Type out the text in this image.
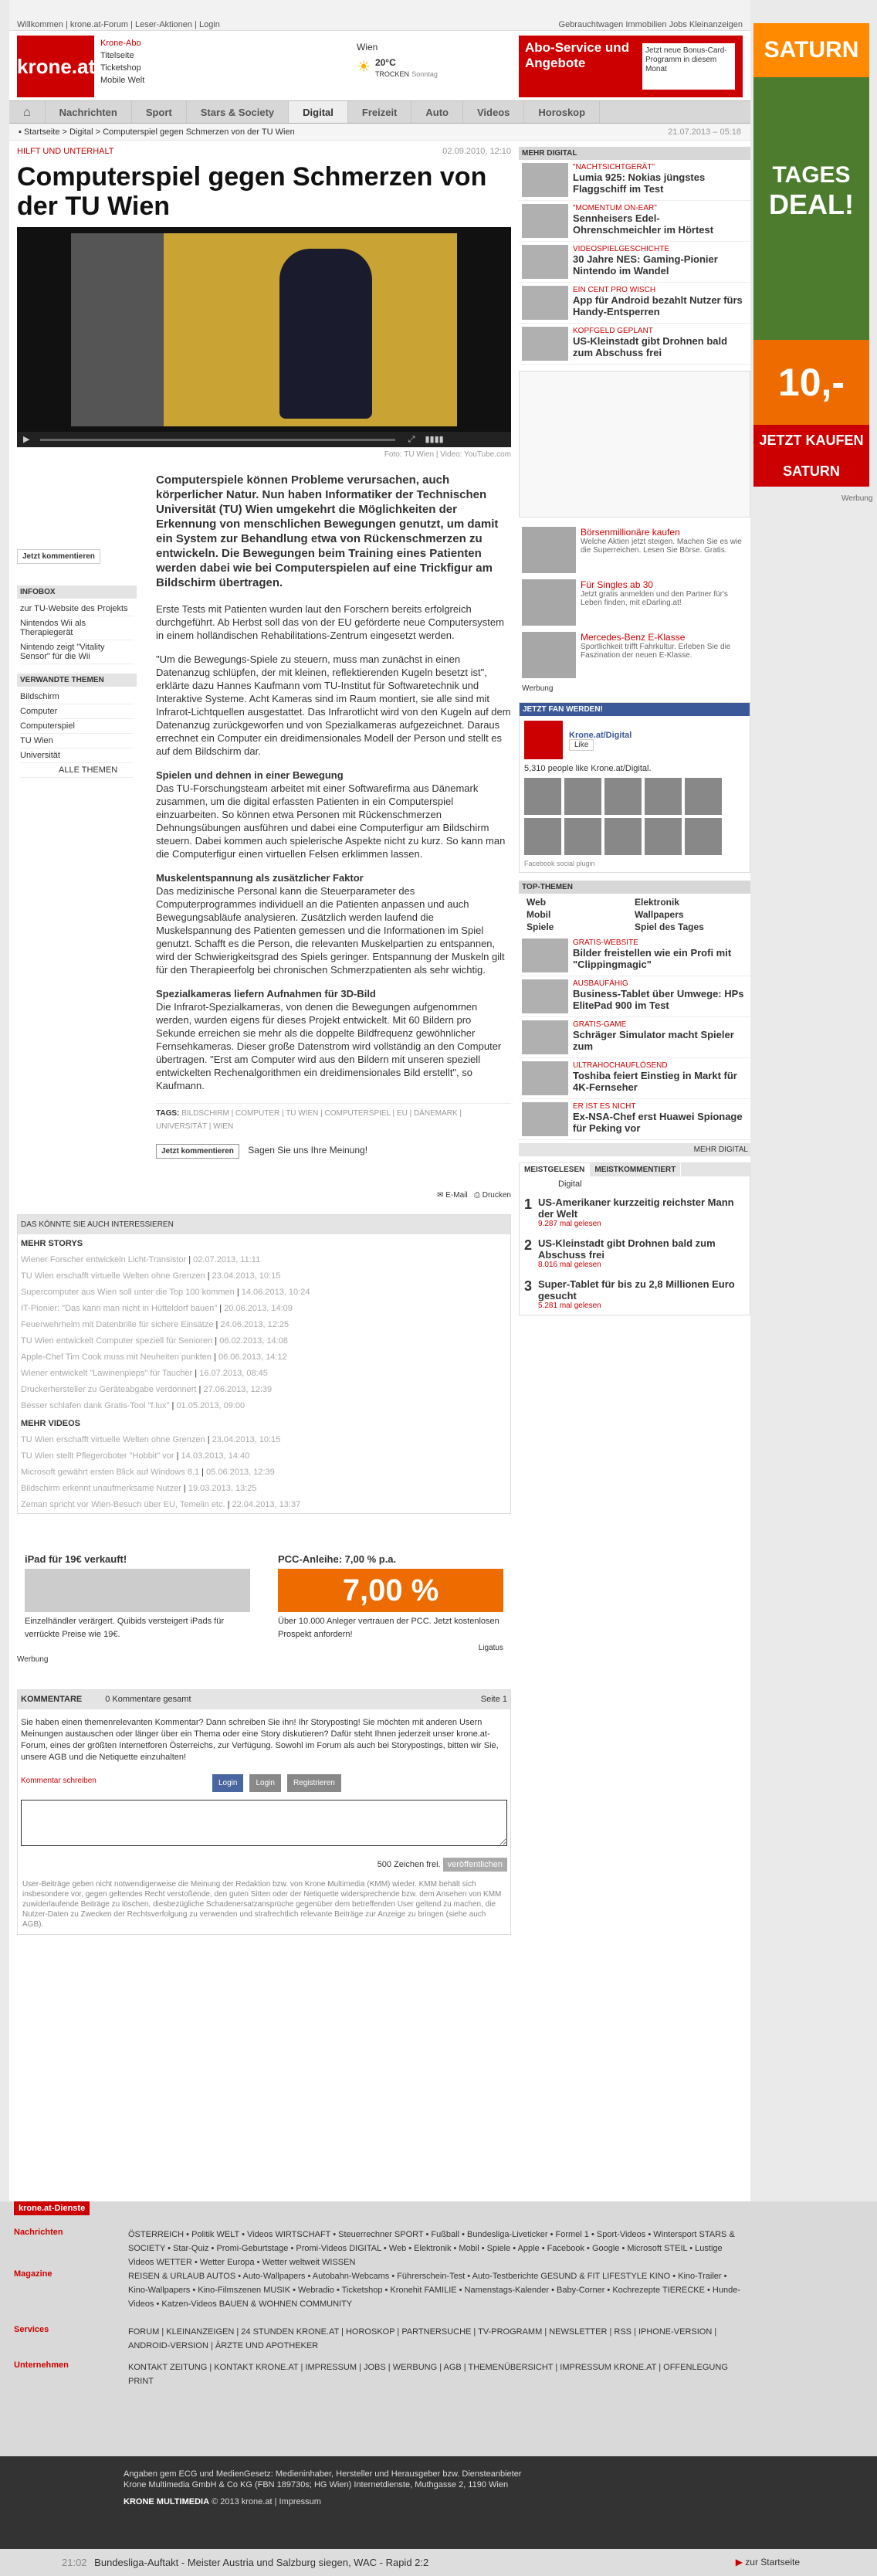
Willkommen | krone.at-Forum | Leser-Aktionen | Login	Gebrauchtwagen Immobilien Jobs Kleinanzeigen
krone.at
Krone-Abo
Titelseite
Ticketshop
Mobile Welt
Wien
☀ 20°C
TROCKEN Sonntag
Abo-Service und Angebote
Jetzt neue Bonus-Card-Programm in diesem Monat
⌂	Nachrichten	Sport	Stars & Society	Digital	Freizeit	Auto	Videos	Horoskop
▪ Startseite > Digital > Computerspiel gegen Schmerzen von der TU Wien	21.07.2013 – 05:18
HILFT UND UNTERHALT	02.09.2010, 12:10
Computerspiel gegen Schmerzen von der TU Wien
▶	⤢ ▮▮▮▮
Foto: TU Wien | Video: YouTube.com
Jetzt kommentieren
INFOBOX
zur TU-Website des Projekts
Nintendos Wii als Therapiegerät
Nintendo zeigt "Vitality Sensor" für die Wii
VERWANDTE THEMEN
Bildschirm
Computer
Computerspiel
TU Wien
Universität
ALLE THEMEN
Computerspiele können Probleme verursachen, auch körperlicher Natur. Nun haben Informatiker der Technischen Universität (TU) Wien umgekehrt die Möglichkeiten der Erkennung von menschlichen Bewegungen genutzt, um damit ein System zur Behandlung etwa von Rückenschmerzen zu entwickeln. Die Bewegungen beim Training eines Patienten werden dabei wie bei Computerspielen auf eine Trickfigur am Bildschirm übertragen.

Erste Tests mit Patienten wurden laut den Forschern bereits erfolgreich durchgeführt. Ab Herbst soll das von der EU geförderte neue Computersystem in einem holländischen Rehabilitations-Zentrum eingesetzt werden.

"Um die Bewegungs-Spiele zu steuern, muss man zunächst in einen Datenanzug schlüpfen, der mit kleinen, reflektierenden Kugeln besetzt ist", erklärte dazu Hannes Kaufmann vom TU-Institut für Softwaretechnik und Interaktive Systeme. Acht Kameras sind im Raum montiert, sie alle sind mit Infrarot-Lichtquellen ausgestattet. Das Infrarotlicht wird von den Kugeln auf dem Datenanzug zurückgeworfen und von Spezialkameras aufgezeichnet. Daraus errechnet ein Computer ein dreidimensionales Modell der Person und stellt es auf dem Bildschirm dar.

Spielen und dehnen in einer Bewegung

Das TU-Forschungsteam arbeitet mit einer Softwarefirma aus Dänemark zusammen, um die digital erfassten Patienten in ein Computerspiel einzuarbeiten. So können etwa Personen mit Rückenschmerzen Dehnungsübungen ausführen und dabei eine Computerfigur am Bildschirm steuern. Dabei kommen auch spielerische Aspekte nicht zu kurz. So kann man die Computerfigur einen virtuellen Felsen erklimmen lassen.

Muskelentspannung als zusätzlicher Faktor

Das medizinische Personal kann die Steuerparameter des Computerprogrammes individuell an die Patienten anpassen und auch Bewegungsabläufe analysieren. Zusätzlich werden laufend die Muskelspannung des Patienten gemessen und die Informationen im Spiel genutzt. Schafft es die Person, die relevanten Muskelpartien zu entspannen, wird der Schwierigkeitsgrad des Spiels geringer. Entspannung der Muskeln gilt für den Therapieerfolg bei chronischen Schmerzpatienten als sehr wichtig.

Spezialkameras liefern Aufnahmen für 3D-Bild

Die Infrarot-Spezialkameras, von denen die Bewegungen aufgenommen werden, wurden eigens für dieses Projekt entwickelt. Mit 60 Bildern pro Sekunde erreichen sie mehr als die doppelte Bildfrequenz gewöhnlicher Fernsehkameras. Dieser große Datenstrom wird vollständig an den Computer übertragen. "Erst am Computer wird aus den Bildern mit unseren speziell entwickelten Rechenalgorithmen ein dreidimensionales Bild erstellt", so Kaufmann.

TAGS: BILDSCHIRM | COMPUTER | TU WIEN | COMPUTERSPIEL | EU | DÄNEMARK | UNIVERSITÄT | WIEN
Jetzt kommentieren Sagen Sie uns Ihre Meinung!
✉ E-Mail ⎙ Drucken
DAS KÖNNTE SIE AUCH INTERESSIEREN
MEHR STORYS
Wiener Forscher entwickeln Licht-Transistor | 02.07.2013, 11:11
TU Wien erschafft virtuelle Welten ohne Grenzen | 23.04.2013, 10:15
Supercomputer aus Wien soll unter die Top 100 kommen | 14.06.2013, 10:24
IT-Pionier: "Das kann man nicht in Hütteldorf bauen" | 20.06.2013, 14:09
Feuerwehrhelm mit Datenbrille für sichere Einsätze | 24.06.2013, 12:25
TU Wien entwickelt Computer speziell für Senioren | 06.02.2013, 14:08
Apple-Chef Tim Cook muss mit Neuheiten punkten | 06.06.2013, 14:12
Wiener entwickelt "Lawinenpieps" für Taucher | 16.07.2013, 08:45
Druckerhersteller zu Geräteabgabe verdonnert | 27.06.2013, 12:39
Besser schlafen dank Gratis-Tool "f.lux" | 01.05.2013, 09:00
MEHR VIDEOS
TU Wien erschafft virtuelle Welten ohne Grenzen | 23.04.2013, 10:15
TU Wien stellt Pflegeroboter "Hobbit" vor | 14.03.2013, 14:40
Microsoft gewährt ersten Blick auf Windows 8.1 | 05.06.2013, 12:39
Bildschirm erkennt unaufmerksame Nutzer | 19.03.2013, 13:25
Zeman spricht vor Wien-Besuch über EU, Temelin etc. | 22.04.2013, 13:37
iPad für 19€ verkauft!
Einzelhändler verärgert. Quibids versteigert iPads für verrückte Preise wie 19€.
PCC-Anleihe: 7,00 % p.a.
7,00 %
Über 10.000 Anleger vertrauen der PCC. Jetzt kostenlosen Prospekt anfordern!
Ligatus
Werbung
KOMMENTARE	0 Kommentare gesamt	Seite 1
Sie haben einen themenrelevanten Kommentar? Dann schreiben Sie ihn! Ihr Storyposting! Sie möchten mit anderen Usern Meinungen austauschen oder länger über ein Thema oder eine Story diskutieren? Dafür steht Ihnen jederzeit unser krone.at-Forum, eines der größten Internetforen Österreichs, zur Verfügung. Sowohl im Forum als auch bei Storypostings, bitten wir Sie, unsere AGB und die Netiquette einzuhalten!
Kommentar schreiben	Login	Login	Registrieren
500 Zeichen frei. veröffentlichen
User-Beiträge geben nicht notwendigerweise die Meinung der Redaktion bzw. von Krone Multimedia (KMM) wieder. KMM behält sich insbesondere vor, gegen geltendes Recht verstoßende, den guten Sitten oder der Netiquette widersprechende bzw. dem Ansehen von KMM zuwiderlaufende Beiträge zu löschen, diesbezügliche Schadenersatzansprüche gegenüber dem betreffenden User geltend zu machen, die Nutzer-Daten zu Zwecken der Rechtsverfolgung zu verwenden und strafrechtlich relevante Beiträge zur Anzeige zu bringen (siehe auch AGB).
MEHR DIGITAL
"NACHTSICHTGERÄT"
Lumia 925: Nokias jüngstes Flaggschiff im Test
"MOMENTUM ON-EAR"
Sennheisers Edel-Ohrenschmeichler im Hörtest
VIDEOSPIELGESCHICHTE
30 Jahre NES: Gaming-Pionier Nintendo im Wandel
EIN CENT PRO WISCH
App für Android bezahlt Nutzer fürs Handy-Entsperren
KOPFGELD GEPLANT
US-Kleinstadt gibt Drohnen bald zum Abschuss frei
Börsenmillionäre kaufen
Welche Aktien jetzt steigen. Machen Sie es wie die Superreichen. Lesen Sie Börse. Gratis.
Für Singles ab 30
Jetzt gratis anmelden und den Partner für's Leben finden, mit eDarling.at!
Mercedes-Benz E-Klasse
Sportlichkeit trifft Fahrkultur. Erleben Sie die Faszination der neuen E-Klasse.
Werbung
JETZT FAN WERDEN!
Krone.at/Digital
Like
5,310 people like Krone.at/Digital.
Facebook social plugin
TOP-THEMEN
Web	Elektronik
Mobil	Wallpapers
Spiele	Spiel des Tages
GRATIS-WEBSITE
Bilder freistellen wie ein Profi mit "Clippingmagic"
AUSBAUFÄHIG
Business-Tablet über Umwege: HPs ElitePad 900 im Test
GRATIS-GAME
Schräger Simulator macht Spieler zum
ULTRAHOCHAUFLÖSEND
Toshiba feiert Einstieg in Markt für 4K-Fernseher
ER IST ES NICHT
Ex-NSA-Chef erst Huawei Spionage für Peking vor
MEHR DIGITAL
MEISTGELESEN	MEISTKOMMENTIERT
Digital
1 US-Amerikaner kurzzeitig reichster Mann der Welt
9.287 mal gelesen
2 US-Kleinstadt gibt Drohnen bald zum Abschuss frei
8.016 mal gelesen
3 Super-Tablet für bis zu 2,8 Millionen Euro gesucht
5.281 mal gelesen
SATURN
TAGES
DEAL!
10,-
JETZT KAUFEN
SATURN
Werbung
krone.at-Dienste
Nachrichten	ÖSTERREICH • Politik WELT • Videos WIRTSCHAFT • Steuerrechner SPORT • Fußball • Bundesliga-Liveticker • Formel 1 • Sport-Videos • Wintersport STARS & SOCIETY • Star-Quiz • Promi-Geburtstage • Promi-Videos DIGITAL • Web • Elektronik • Mobil • Spiele • Apple • Facebook • Google • Microsoft STEIL • Lustige Videos WETTER • Wetter Europa • Wetter weltweit WISSEN
Magazine	REISEN & URLAUB AUTOS • Auto-Wallpapers • Autobahn-Webcams • Führerschein-Test • Auto-Testberichte GESUND & FIT LIFESTYLE KINO • Kino-Trailer • Kino-Wallpapers • Kino-Filmszenen MUSIK • Webradio • Ticketshop • Kronehit FAMILIE • Namenstags-Kalender • Baby-Corner • Kochrezepte TIERECKE • Hunde-Videos • Katzen-Videos BAUEN & WOHNEN COMMUNITY
Services	FORUM | KLEINANZEIGEN | 24 STUNDEN KRONE.AT | HOROSKOP | PARTNERSUCHE | TV-PROGRAMM | NEWSLETTER | RSS | IPHONE-VERSION | ANDROID-VERSION | ÄRZTE UND APOTHEKER
Unternehmen	KONTAKT ZEITUNG | KONTAKT KRONE.AT | IMPRESSUM | JOBS | WERBUNG | AGB | THEMENÜBERSICHT | IMPRESSUM KRONE.AT | OFFENLEGUNG PRINT
Angaben gem ECG und MedienGesetz: Medieninhaber, Hersteller und Herausgeber bzw. Diensteanbieter
Krone Multimedia GmbH & Co KG (FBN 189730s; HG Wien) Internetdienste, Muthgasse 2, 1190 Wien
KRONE MULTIMEDIA © 2013 krone.at | Impressum
21:02 Bundesliga-Auftakt - Meister Austria und Salzburg siegen, WAC - Rapid 2:2	▶ zur Startseite
